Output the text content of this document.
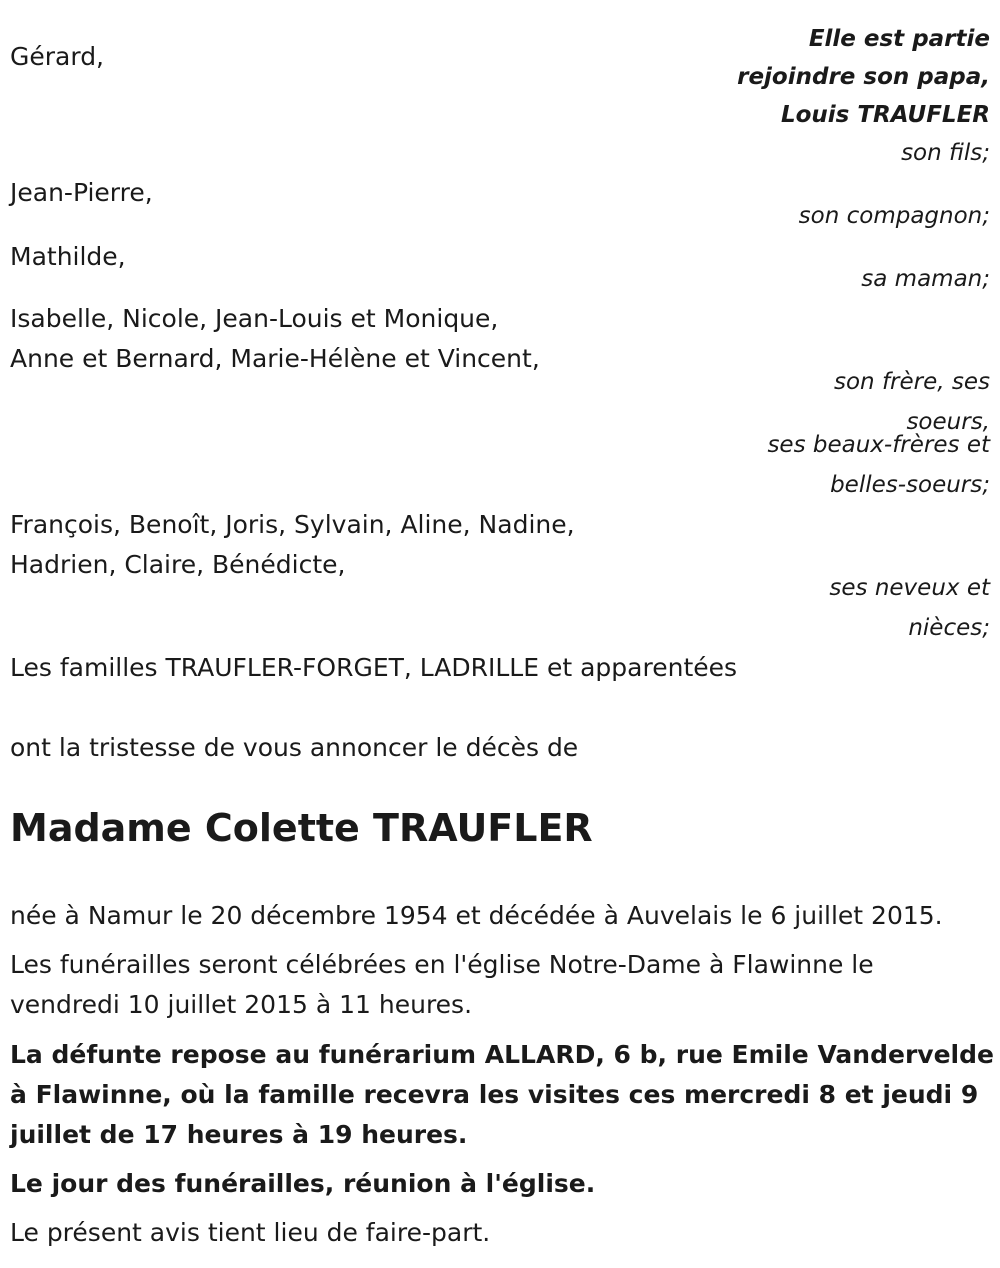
Elle est partie
rejoindre son papa,
Louis TRAUFLER
Gérard,
son fils;
Jean-Pierre,
son compagnon;
Mathilde,
sa maman;
Isabelle, Nicole, Jean-Louis et Monique,
Anne et Bernard, Marie-Hélène et Vincent,
son frère, ses
soeurs,
ses beaux-frères et
belles-soeurs;
François, Benoît, Joris, Sylvain, Aline, Nadine,
Hadrien, Claire, Bénédicte,
ses neveux et
nièces;
Les familles TRAUFLER-FORGET, LADRILLE et apparentées
ont la tristesse de vous annoncer le décès de
Madame Colette TRAUFLER
née à Namur le 20 décembre 1954 et décédée à Auvelais le 6 juillet 2015.
Les funérailles seront célébrées en l'église Notre-Dame à Flawinne le
vendredi 10 juillet 2015 à 11 heures.
La défunte repose au funérarium ALLARD, 6 b, rue Emile Vandervelde
à Flawinne, où la famille recevra les visites ces mercredi 8 et jeudi 9
juillet de 17 heures à 19 heures.
Le jour des funérailles, réunion à l'église.
Le présent avis tient lieu de faire-part.
